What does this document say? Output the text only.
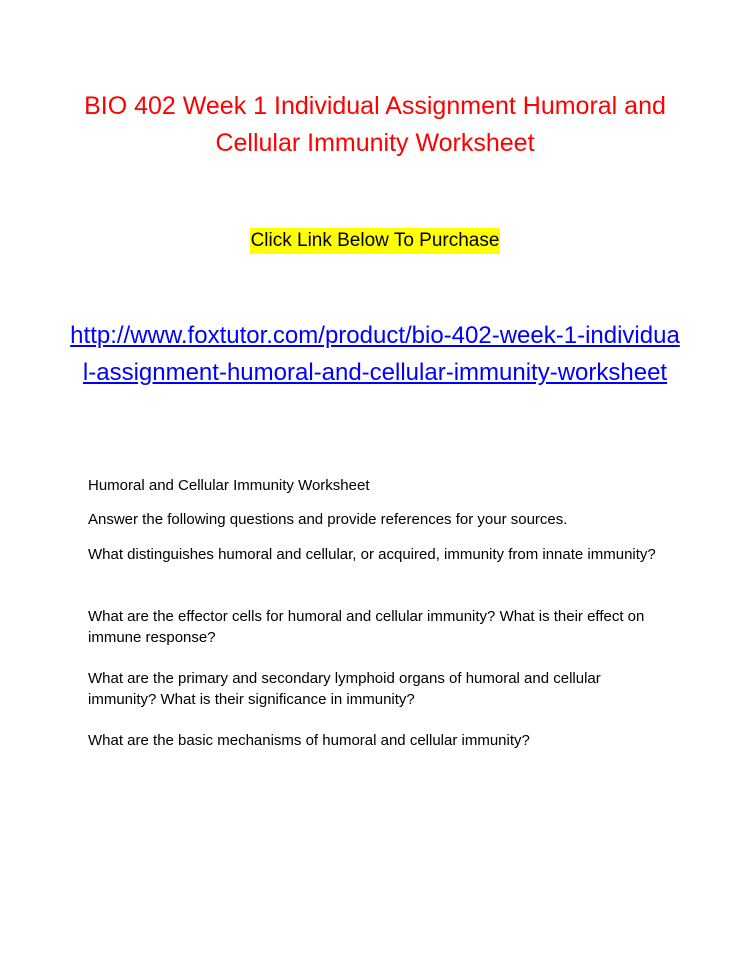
BIO 402 Week 1 Individual Assignment Humoral and Cellular Immunity Worksheet
Click Link Below To Purchase
http://www.foxtutor.com/product/bio-402-week-1-individual-assignment-humoral-and-cellular-immunity-worksheet

Humoral and Cellular Immunity Worksheet

Answer the following questions and provide references for your sources.

What distinguishes humoral and cellular, or acquired, immunity from innate immunity?

What are the effector cells for humoral and cellular immunity? What is their effect on immune response?

What are the primary and secondary lymphoid organs of humoral and cellular immunity? What is their significance in immunity?

What are the basic mechanisms of humoral and cellular immunity?
